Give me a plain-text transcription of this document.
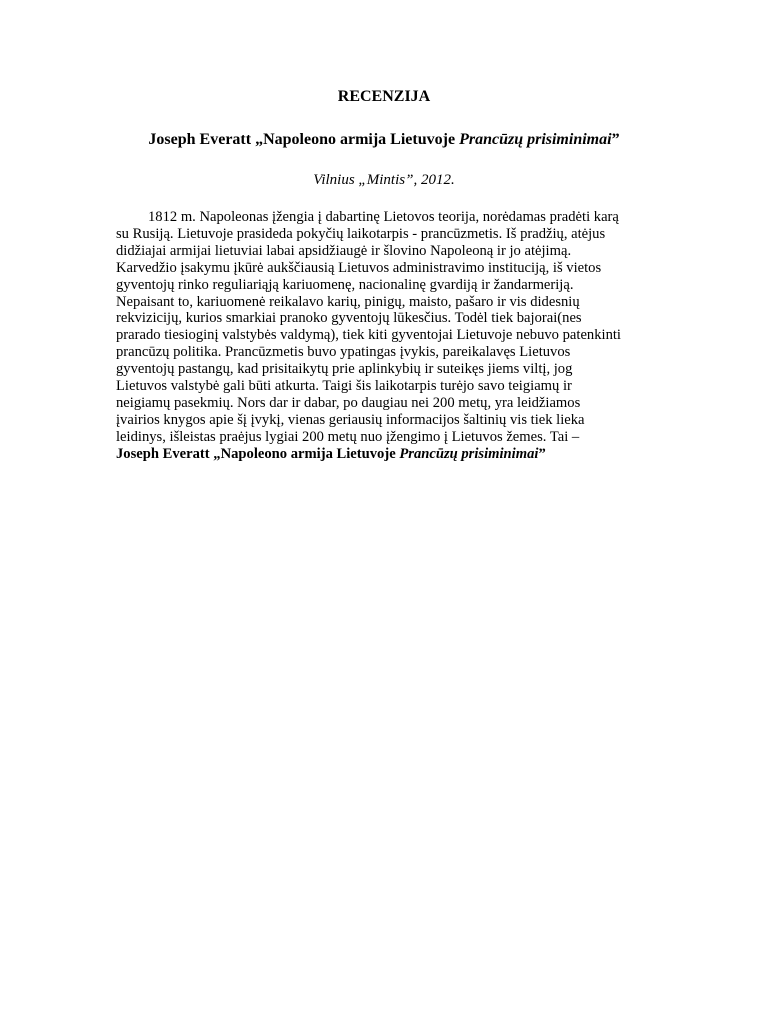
RECENZIJA
Joseph Everatt „Napoleono armija Lietuvoje Prancūzų prisiminimai”
Vilnius „Mintis”, 2012.
1812 m. Napoleonas įžengia į dabartinę Lietovos teorija, norėdamas pradėti karą
su Rusiją. Lietuvoje prasideda pokyčių laikotarpis - prancūzmetis. Iš pradžių, atėjus
didžiajai armijai lietuviai labai apsidžiaugė ir šlovino Napoleoną ir jo atėjimą.
Karvedžio įsakymu įkūrė aukščiausią Lietuvos administravimo instituciją, iš vietos
gyventojų rinko reguliariąją kariuomenę, nacionalinę gvardiją ir žandarmeriją.
Nepaisant to, kariuomenė reikalavo karių, pinigų, maisto, pašaro ir vis didesnių
rekvizicijų, kurios smarkiai pranoko gyventojų lūkesčius. Todėl tiek bajorai(nes
prarado tiesioginį valstybės valdymą), tiek kiti gyventojai Lietuvoje nebuvo patenkinti
prancūzų politika. Prancūzmetis buvo ypatingas įvykis, pareikalavęs Lietuvos
gyventojų pastangų, kad prisitaikytų prie aplinkybių ir suteikęs jiems viltį, jog
Lietuvos valstybė gali būti atkurta. Taigi šis laikotarpis turėjo savo teigiamų ir
neigiamų pasekmių. Nors dar ir dabar, po daugiau nei 200 metų, yra leidžiamos
įvairios knygos apie šį įvykį, vienas geriausių informacijos šaltinių vis tiek lieka
leidinys, išleistas praėjus lygiai 200 metų nuo įžengimo į Lietuvos žemes. Tai –
Joseph Everatt „Napoleono armija Lietuvoje Prancūzų prisiminimai”
